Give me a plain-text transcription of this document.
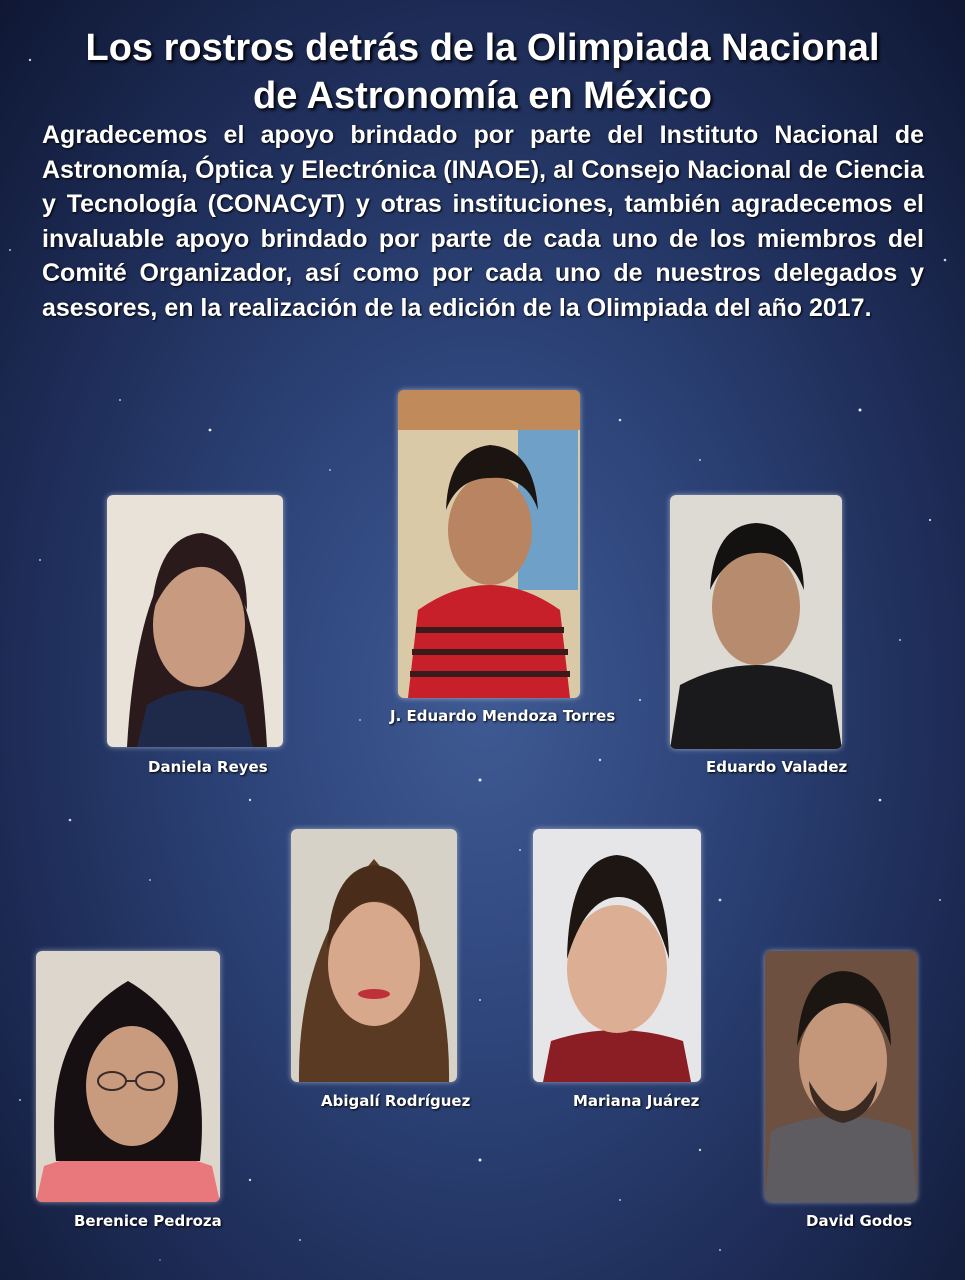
Los rostros detrás de la Olimpiada Nacional
de Astronomía en México
Agradecemos el apoyo brindado por parte del Instituto Nacional de Astronomía, Óptica y Electrónica (INAOE), al Consejo Nacional de Ciencia y Tecnología (CONACyT) y otras instituciones, también agradecemos el invaluable apoyo brindado por parte de cada uno de los miembros del Comité Organizador, así como por cada uno de nuestros delegados y asesores, en la realización de la edición de la Olimpiada del año 2017.
J. Eduardo Mendoza Torres
Daniela Reyes	Eduardo Valadez
Abigalí Rodríguez	Mariana Juárez
Berenice Pedroza	David Godos
